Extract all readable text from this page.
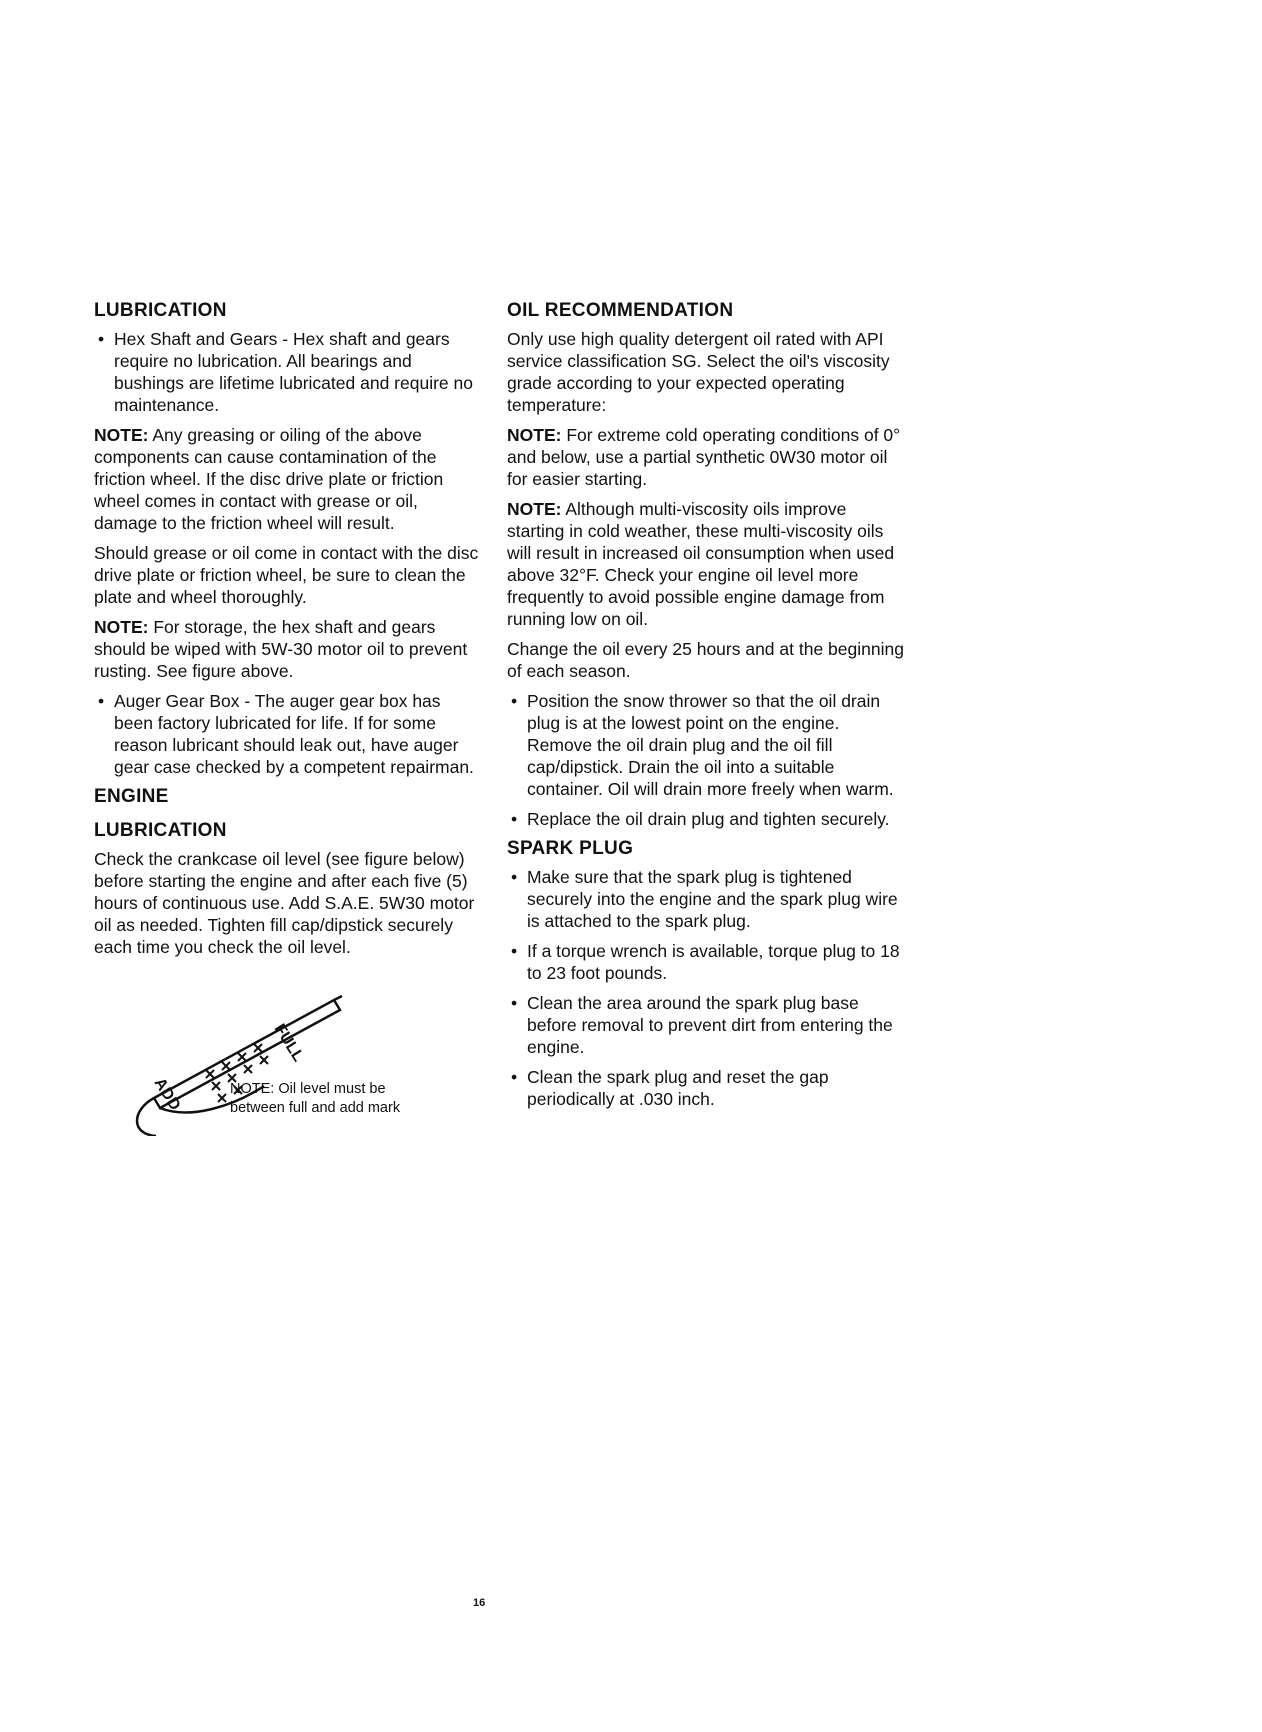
LUBRICATION
• Hex Shaft and Gears - Hex shaft and gears require no lubrication. All bearings and bushings are lifetime lubricated and require no maintenance.

NOTE: Any greasing or oiling of the above components can cause contamination of the friction wheel. If the disc drive plate or friction wheel comes in contact with grease or oil, damage to the friction wheel will result.

Should grease or oil come in contact with the disc drive plate or friction wheel, be sure to clean the plate and wheel thoroughly.

NOTE: For storage, the hex shaft and gears should be wiped with 5W-30 motor oil to prevent rusting. See figure above.

• Auger Gear Box - The auger gear box has been factory lubricated for life. If for some reason lubricant should leak out, have auger gear case checked by a competent repairman.
ENGINE
LUBRICATION

Check the crankcase oil level (see figure below) before starting the engine and after each five (5) hours of continuous use. Add S.A.E. 5W30 motor oil as needed. Tighten fill cap/dipstick securely each time you check the oil level.

FULL
ADD	NOTE: Oil level must be
between full and add mark
OIL RECOMMENDATION

Only use high quality detergent oil rated with API service classification SG. Select the oil's viscosity grade according to your expected operating temperature:

NOTE: For extreme cold operating conditions of 0° and below, use a partial synthetic 0W30 motor oil for easier starting.

NOTE: Although multi-viscosity oils improve starting in cold weather, these multi-viscosity oils will result in increased oil consumption when used above 32°F. Check your engine oil level more frequently to avoid possible engine damage from running low on oil.

Change the oil every 25 hours and at the beginning of each season.

• Position the snow thrower so that the oil drain plug is at the lowest point on the engine. Remove the oil drain plug and the oil fill cap/dipstick. Drain the oil into a suitable container. Oil will drain more freely when warm.
• Replace the oil drain plug and tighten securely.
SPARK PLUG
• Make sure that the spark plug is tightened securely into the engine and the spark plug wire is attached to the spark plug.
• If a torque wrench is available, torque plug to 18 to 23 foot pounds.
• Clean the area around the spark plug base before removal to prevent dirt from entering the engine.
• Clean the spark plug and reset the gap periodically at .030 inch.
16
